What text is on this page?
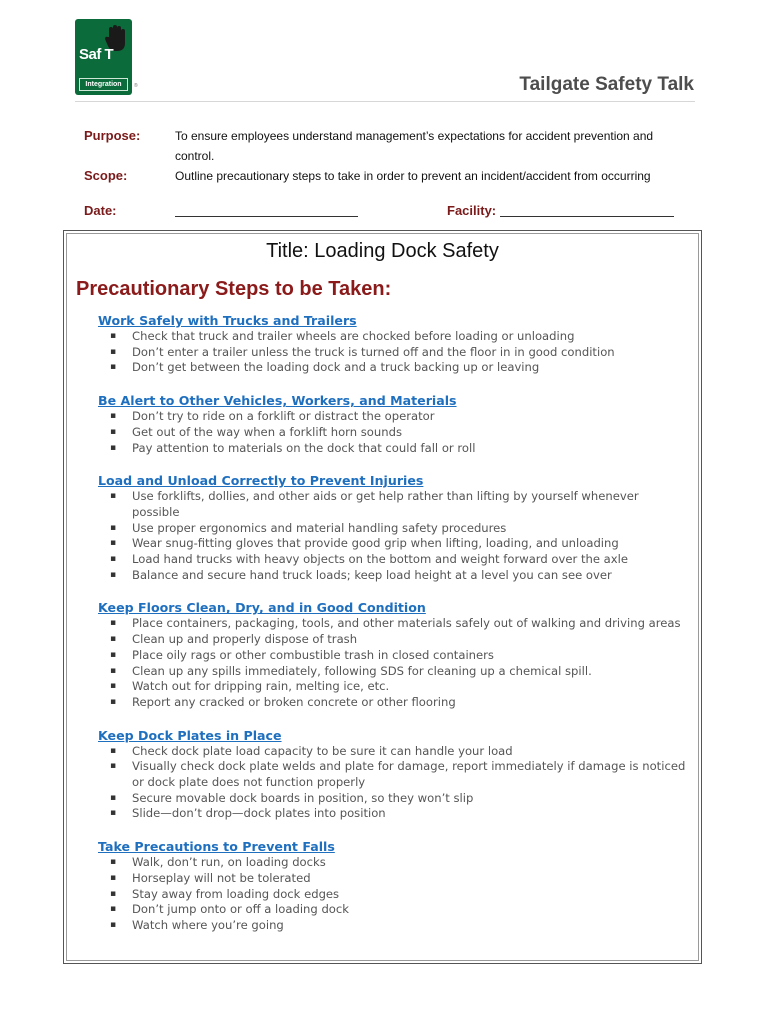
Saf T
Integration	®	Tailgate Safety Talk
Purpose:	To ensure employees understand management’s expectations for accident prevention and control.
Scope:	Outline precautionary steps to take in order to prevent an incident/accident from occurring
Date:	Facility:
Title: Loading Dock Safety
Precautionary Steps to be Taken:
Work Safely with Trucks and Trailers
▪ Check that truck and trailer wheels are chocked before loading or unloading
▪ Don’t enter a trailer unless the truck is turned off and the floor in in good condition
▪ Don’t get between the loading dock and a truck backing up or leaving
Be Alert to Other Vehicles, Workers, and Materials
▪ Don’t try to ride on a forklift or distract the operator
▪ Get out of the way when a forklift horn sounds
▪ Pay attention to materials on the dock that could fall or roll
Load and Unload Correctly to Prevent Injuries
▪ Use forklifts, dollies, and other aids or get help rather than lifting by yourself whenever possible
▪ Use proper ergonomics and material handling safety procedures
▪ Wear snug-fitting gloves that provide good grip when lifting, loading, and unloading
▪ Load hand trucks with heavy objects on the bottom and weight forward over the axle
▪ Balance and secure hand truck loads; keep load height at a level you can see over
Keep Floors Clean, Dry, and in Good Condition
▪ Place containers, packaging, tools, and other materials safely out of walking and driving areas
▪ Clean up and properly dispose of trash
▪ Place oily rags or other combustible trash in closed containers
▪ Clean up any spills immediately, following SDS for cleaning up a chemical spill.
▪ Watch out for dripping rain, melting ice, etc.
▪ Report any cracked or broken concrete or other flooring
Keep Dock Plates in Place
▪ Check dock plate load capacity to be sure it can handle your load
▪ Visually check dock plate welds and plate for damage, report immediately if damage is noticed or dock plate does not function properly
▪ Secure movable dock boards in position, so they won’t slip
▪ Slide—don’t drop—dock plates into position
Take Precautions to Prevent Falls
▪ Walk, don’t run, on loading docks
▪ Horseplay will not be tolerated
▪ Stay away from loading dock edges
▪ Don’t jump onto or off a loading dock
▪ Watch where you’re going
